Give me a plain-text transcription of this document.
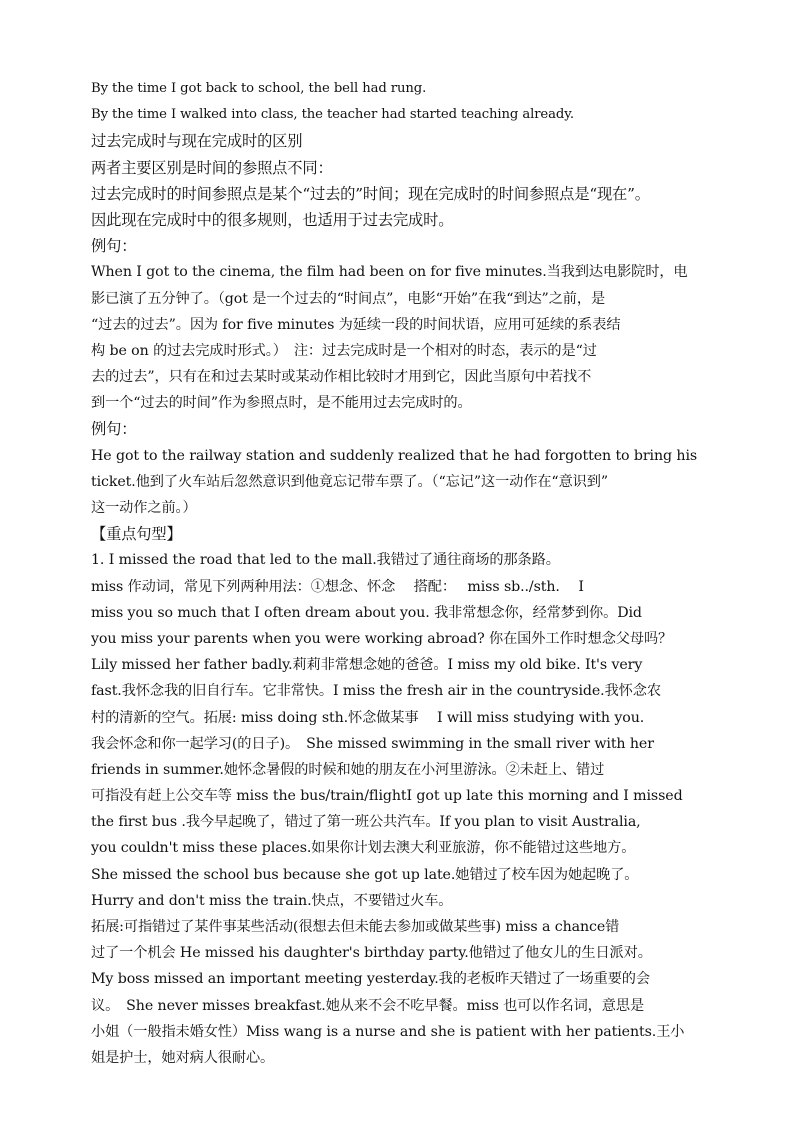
By the time I got back to school, the bell had rung.
By the time I walked into class, the teacher had started teaching already.
过去完成时与现在完成时的区别
两者主要区别是时间的参照点不同：
过去完成时的时间参照点是某个“过去的”时间；现在完成时的时间参照点是“现在”。
因此现在完成时中的很多规则，也适用于过去完成时。
例句：
When I got to the cinema, the film had been on for five minutes.当我到达电影院时，电
影已演了五分钟了。（got 是一个过去的“时间点”，电影“开始”在我“到达”之前，是
“过去的过去”。因为 for five minutes 为延续一段的时间状语，应用可延续的系表结
构 be on 的过去完成时形式。）　注：过去完成时是一个相对的时态，表示的是“过
去的过去”，只有在和过去某时或某动作相比较时才用到它，因此当原句中若找不
到一个“过去的时间”作为参照点时，是不能用过去完成时的。
例句：
He got to the railway station and suddenly realized that he had forgotten to bring his
ticket.他到了火车站后忽然意识到他竟忘记带车票了。（“忘记”这一动作在“意识到”
这一动作之前。）
【重点句型】
1. I missed the road that led to the mall.我错过了通往商场的那条路。
miss 作动词，常见下列两种用法：①想念、怀念　 搭配：　 miss sb../sth.　 I
miss you so much that I often dream about you. 我非常想念你，经常梦到你。Did
you miss your parents when you were working abroad? 你在国外工作时想念父母吗？
Lily missed her father badly.莉莉非常想念她的爸爸。I miss my old bike. It's very
fast.我怀念我的旧自行车。它非常快。I miss the fresh air in the countryside.我怀念农
村的清新的空气。拓展: miss doing sth.怀念做某事　 I will miss studying with you.
我会怀念和你一起学习(的日子)。　She missed swimming in the small river with her
friends in summer.她怀念暑假的时候和她的朋友在小河里游泳。②未赶上、错过
可指没有赶上公交车等 miss the bus/train/flightI got up late this morning and I missed
the first bus .我今早起晚了，错过了第一班公共汽车。If you plan to visit Australia,
you couldn't miss these places.如果你计划去澳大利亚旅游，你不能错过这些地方。
She missed the school bus because she got up late.她错过了校车因为她起晚了。
Hurry and don't miss the train.快点，不要错过火车。
拓展:可指错过了某件事某些活动(很想去但未能去参加或做某些事) miss a chance错
过了一个机会 He missed his daughter's birthday party.他错过了他女儿的生日派对。
My boss missed an important meeting yesterday.我的老板昨天错过了一场重要的会
议。　She never misses breakfast.她从来不会不吃早餐。miss 也可以作名词，意思是
小姐（一般指未婚女性）Miss wang is a nurse and she is patient with her patients.王小
姐是护士，她对病人很耐心。
